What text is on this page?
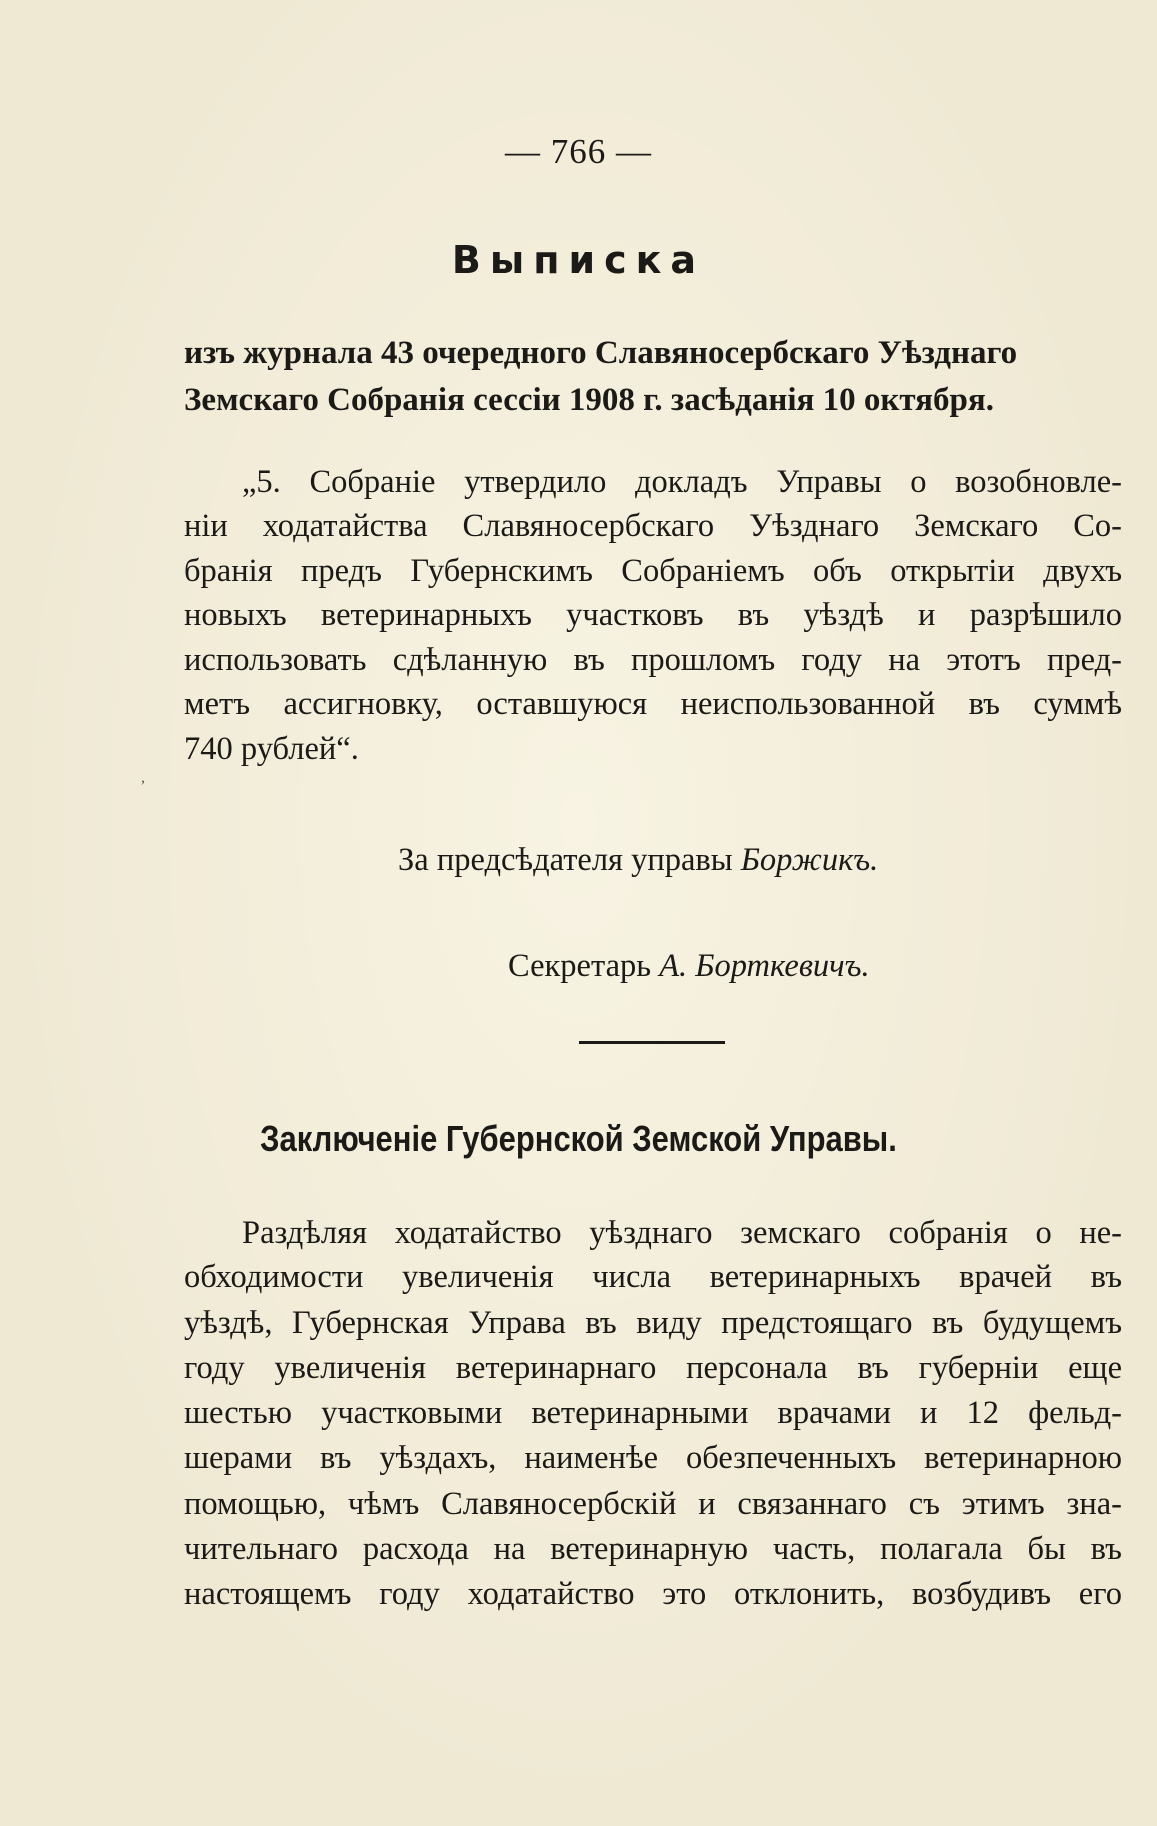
— 766 —
Выписка
изъ журнала 43 очередного Славяносербскаго Уѣзднаго
Земскаго Собранія сессіи 1908 г. засѣданія 10 октября.
„5. Собраніе утвердило докладъ Управы о возобновле-
ніи ходатайства Славяносербскаго Уѣзднаго Земскаго Со-
бранія предъ Губернскимъ Собраніемъ объ открытіи двухъ
новыхъ ветеринарныхъ участковъ въ уѣздѣ и разрѣшило
использовать сдѣланную въ прошломъ году на этотъ пред-
метъ ассигновку, оставшуюся неиспользованной въ суммѣ
740 рублей“.
,
За предсѣдателя управы Боржикъ.
Секретарь А. Борткевичъ.
Заключеніе Губернской Земской Управы.
Раздѣляя ходатайство уѣзднаго земскаго собранія о не-
обходимости увеличенія числа ветеринарныхъ врачей въ
уѣздѣ, Губернская Управа въ виду предстоящаго въ будущемъ
году увеличенія ветеринарнаго персонала въ губерніи еще
шестью участковыми ветеринарными врачами и 12 фельд-
шерами въ уѣздахъ, наименѣе обезпеченныхъ ветеринарною
помощью, чѣмъ Славяносербскій и связаннаго съ этимъ зна-
чительнаго расхода на ветеринарную часть, полагала бы въ
настоящемъ году ходатайство это отклонить, возбудивъ его
